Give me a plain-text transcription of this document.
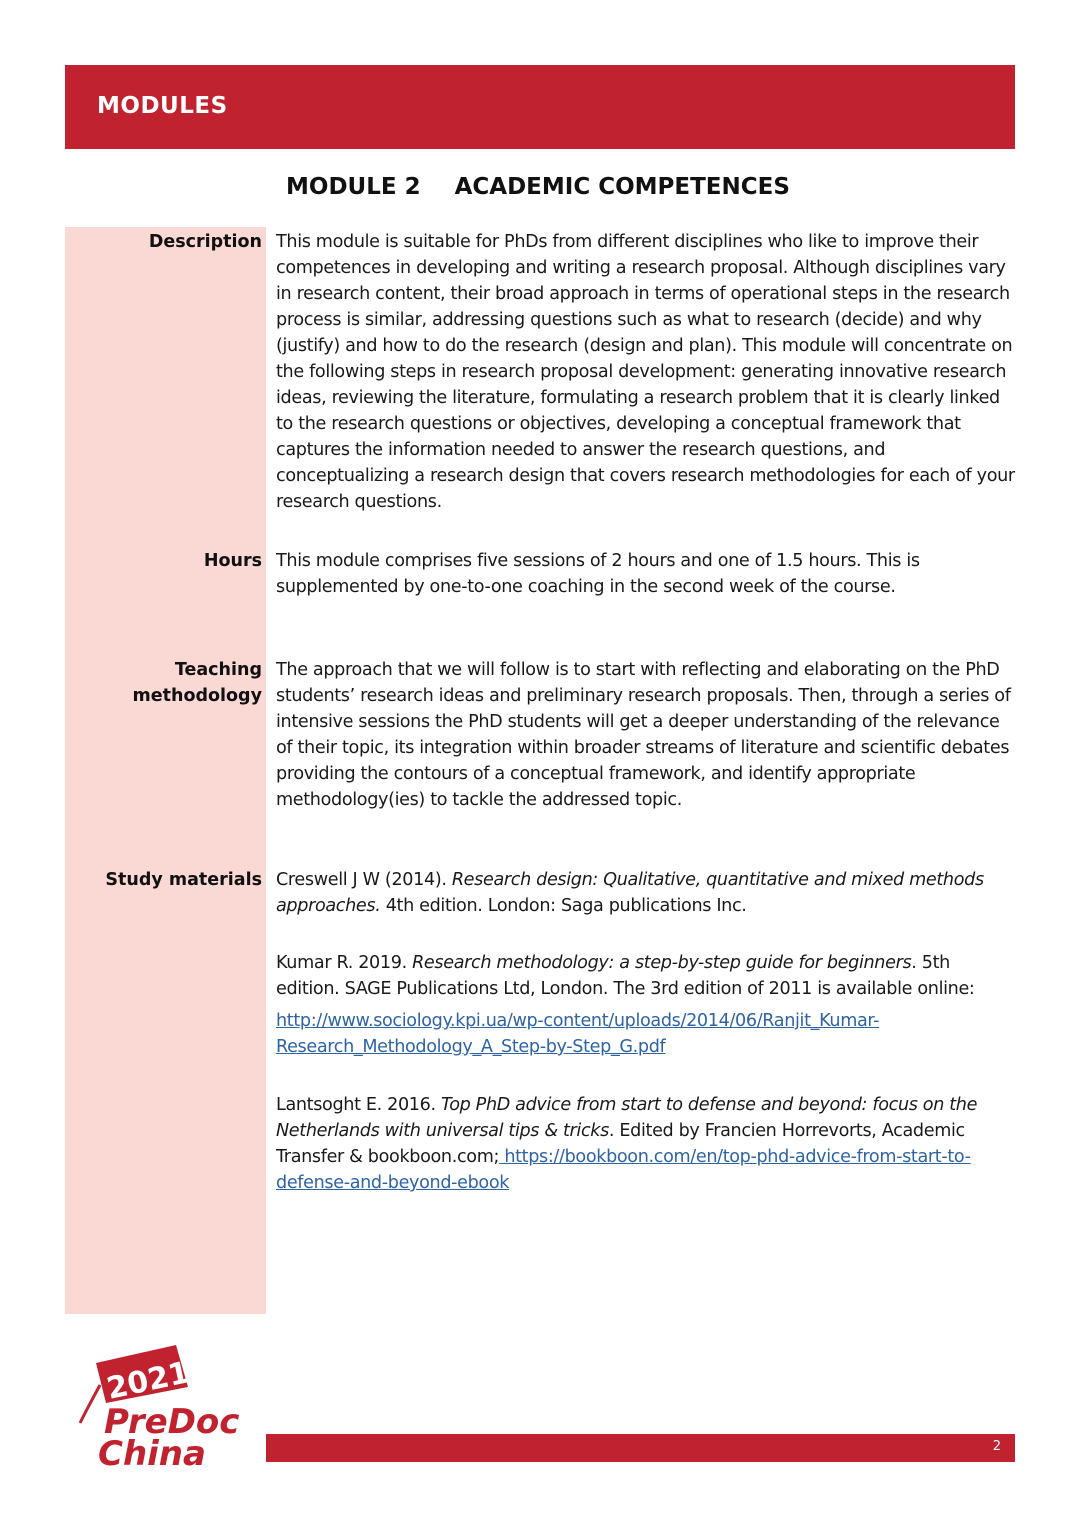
MODULES
MODULE 2 ACADEMIC COMPETENCES
Description This module is suitable for PhDs from different disciplines who like to improve their competences in developing and writing a research proposal. Although disciplines vary in research content, their broad approach in terms of operational steps in the research process is similar, addressing questions such as what to research (decide) and why (justify) and how to do the research (design and plan). This module will concentrate on the following steps in research proposal development: generating innovative research ideas, reviewing the literature, formulating a research problem that it is clearly linked to the research questions or objectives, developing a conceptual framework that captures the information needed to answer the research questions, and conceptualizing a research design that covers research methodologies for each of your research questions.
Hours This module comprises five sessions of 2 hours and one of 1.5 hours. This is supplemented by one-to-one coaching in the second week of the course.
Teaching
methodology
The approach that we will follow is to start with reflecting and elaborating on the PhD students’ research ideas and preliminary research proposals. Then, through a series of intensive sessions the PhD students will get a deeper understanding of the relevance of their topic, its integration within broader streams of literature and scientific debates providing the contours of a conceptual framework, and identify appropriate methodology(ies) to tackle the addressed topic.
Study materials Creswell J W (2014). Research design: Qualitative, quantitative and mixed methods approaches. 4th edition. London: Saga publications Inc.
Kumar R. 2019. Research methodology: a step-by-step guide for beginners. 5th edition. SAGE Publications Ltd, London. The 3rd edition of 2011 is available online:
http://www.sociology.kpi.ua/wp-content/uploads/2014/06/Ranjit_Kumar-Research_Methodology_A_Step-by-Step_G.pdf
Lantsoght E. 2016. Top PhD advice from start to defense and beyond: focus on the Netherlands with universal tips & tricks. Edited by Francien Horrevorts, Academic Transfer & bookboon.com; https://bookboon.com/en/top-phd-advice-from-start-to-defense-and-beyond-ebook
2021
PreDoc
China	2
